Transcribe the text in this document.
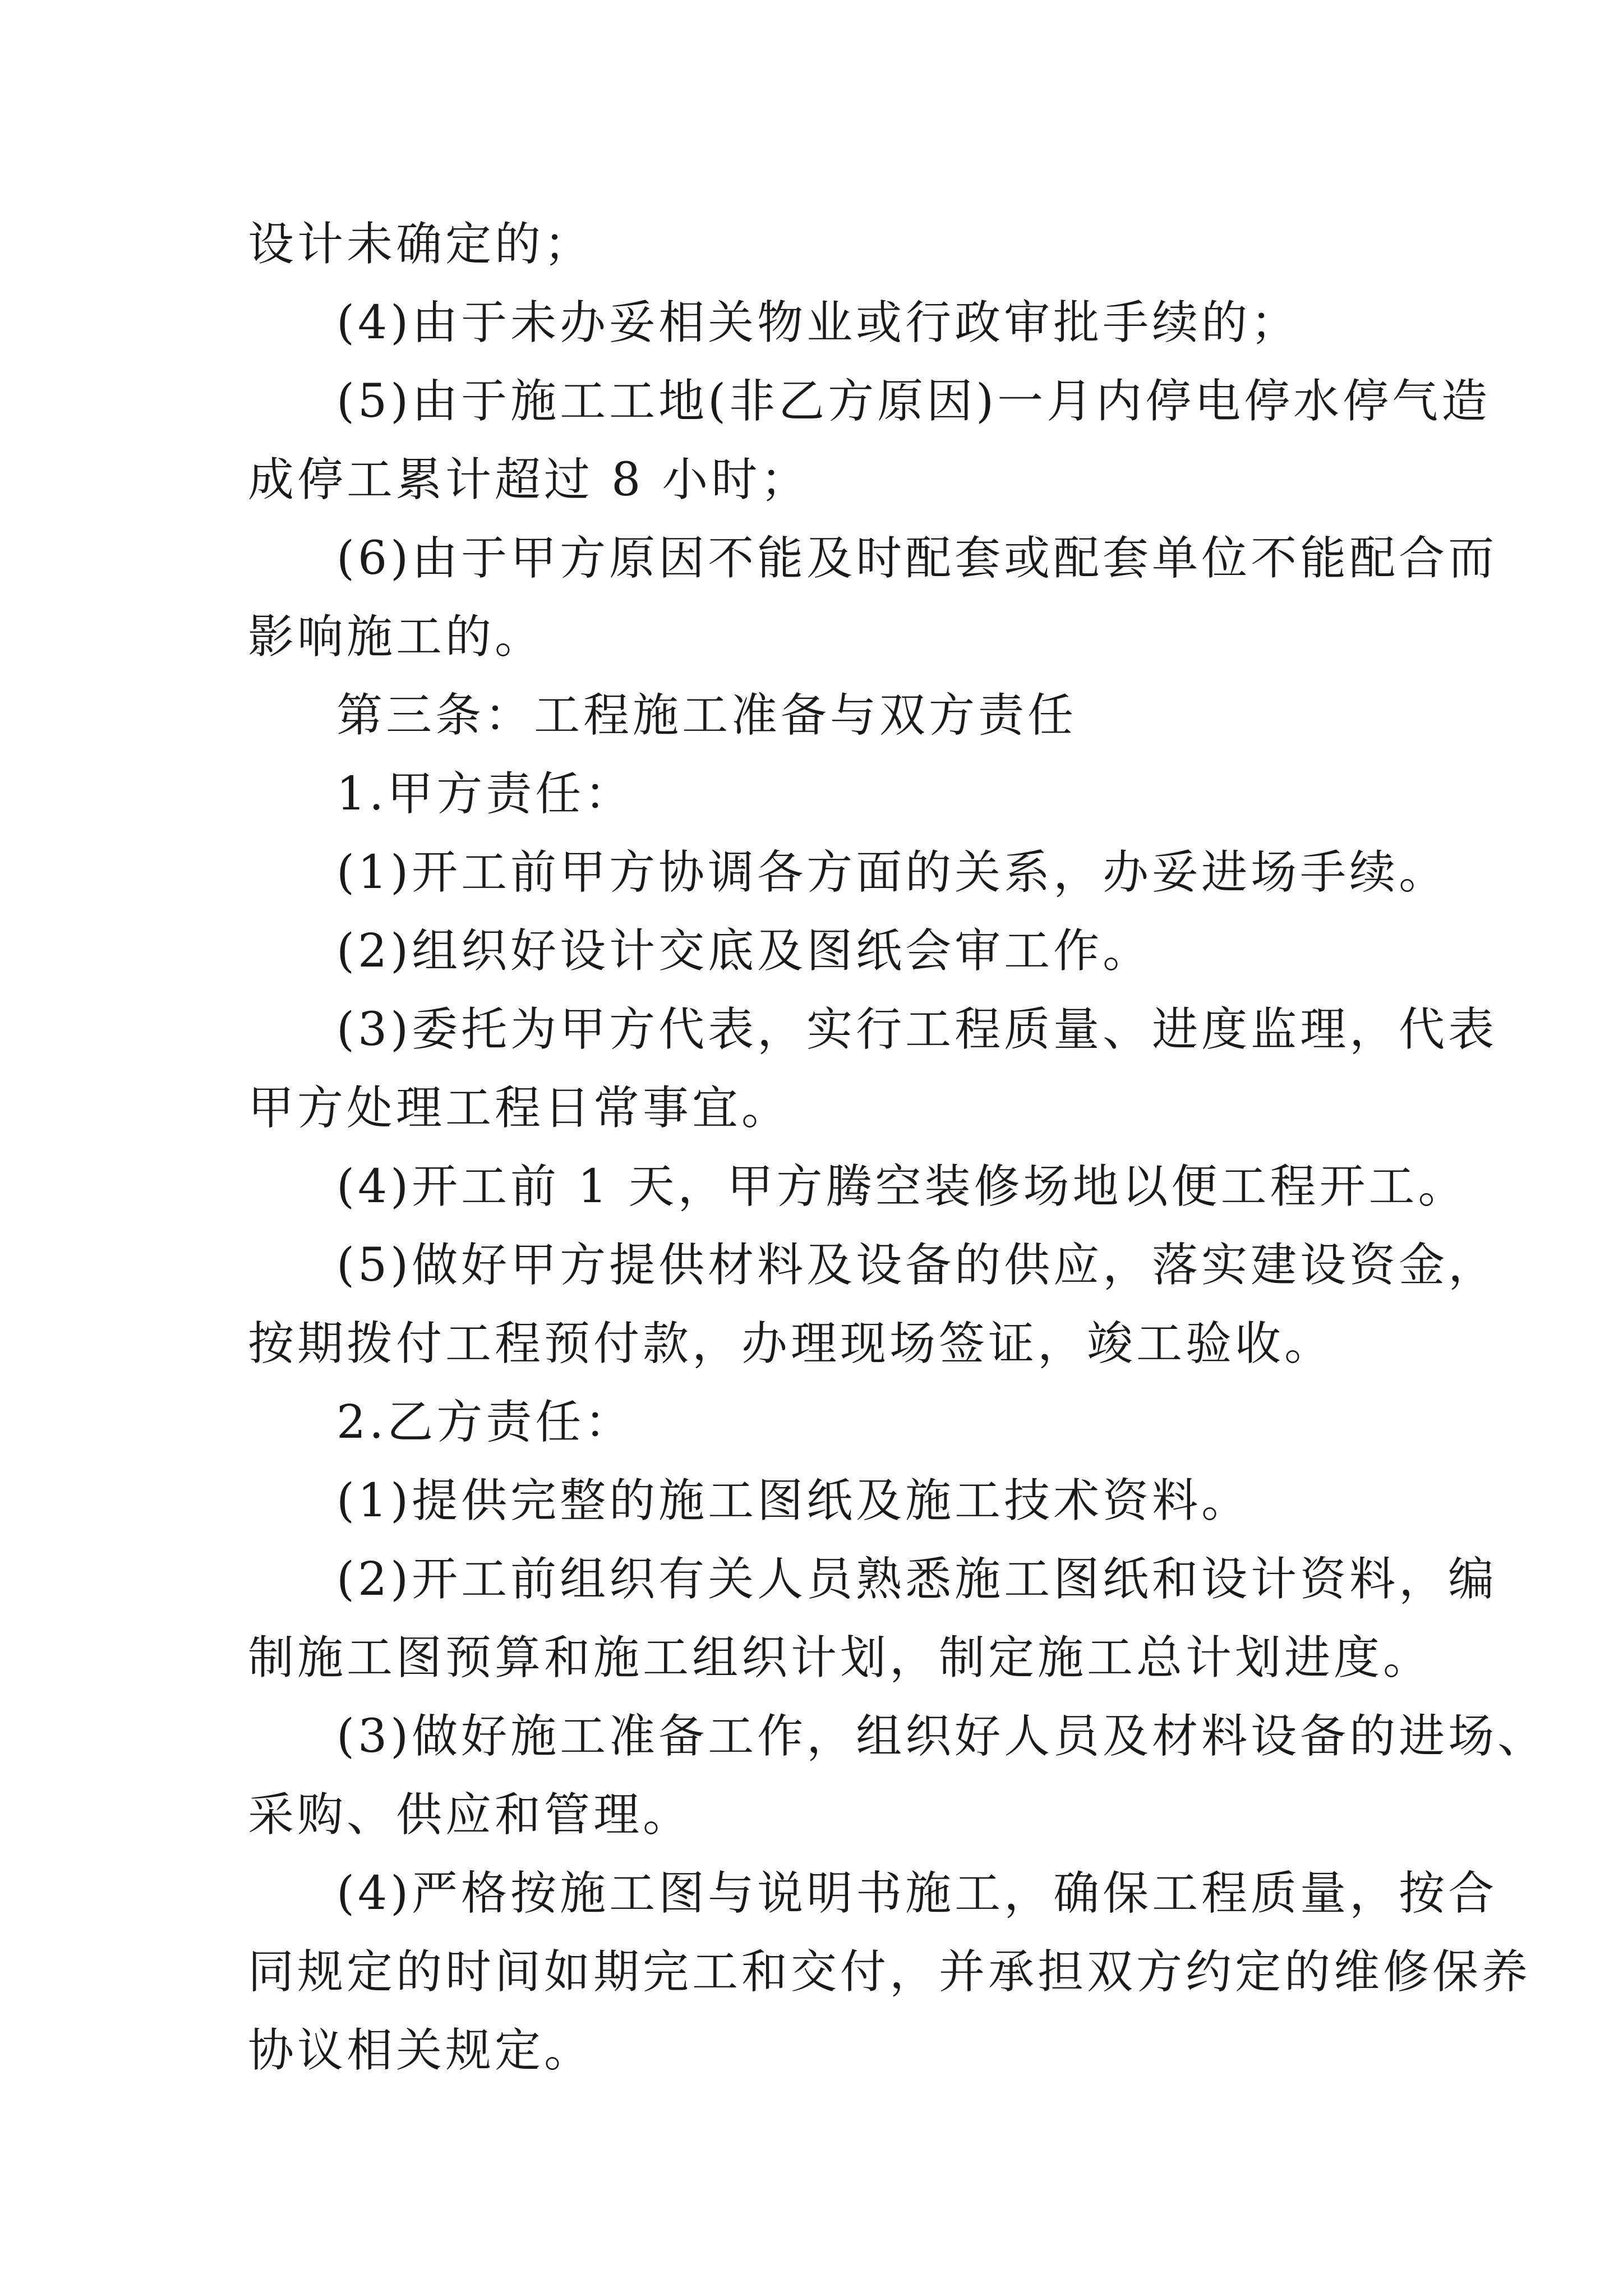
设计未确定的；

(4)由于未办妥相关物业或行政审批手续的；

(5)由于施工工地(非乙方原因)一月内停电停水停气造

成停工累计超过 8 小时；

(6)由于甲方原因不能及时配套或配套单位不能配合而

影响施工的。

第三条：工程施工准备与双方责任

1.甲方责任：

(1)开工前甲方协调各方面的关系，办妥进场手续。

(2)组织好设计交底及图纸会审工作。

(3)委托为甲方代表，实行工程质量、进度监理，代表

甲方处理工程日常事宜。

(4)开工前 1 天，甲方腾空装修场地以便工程开工。

(5)做好甲方提供材料及设备的供应，落实建设资金，

按期拨付工程预付款，办理现场签证，竣工验收。

2.乙方责任：

(1)提供完整的施工图纸及施工技术资料。

(2)开工前组织有关人员熟悉施工图纸和设计资料，编

制施工图预算和施工组织计划，制定施工总计划进度。

(3)做好施工准备工作，组织好人员及材料设备的进场、

采购、供应和管理。

(4)严格按施工图与说明书施工，确保工程质量，按合

同规定的时间如期完工和交付，并承担双方约定的维修保养

协议相关规定。
